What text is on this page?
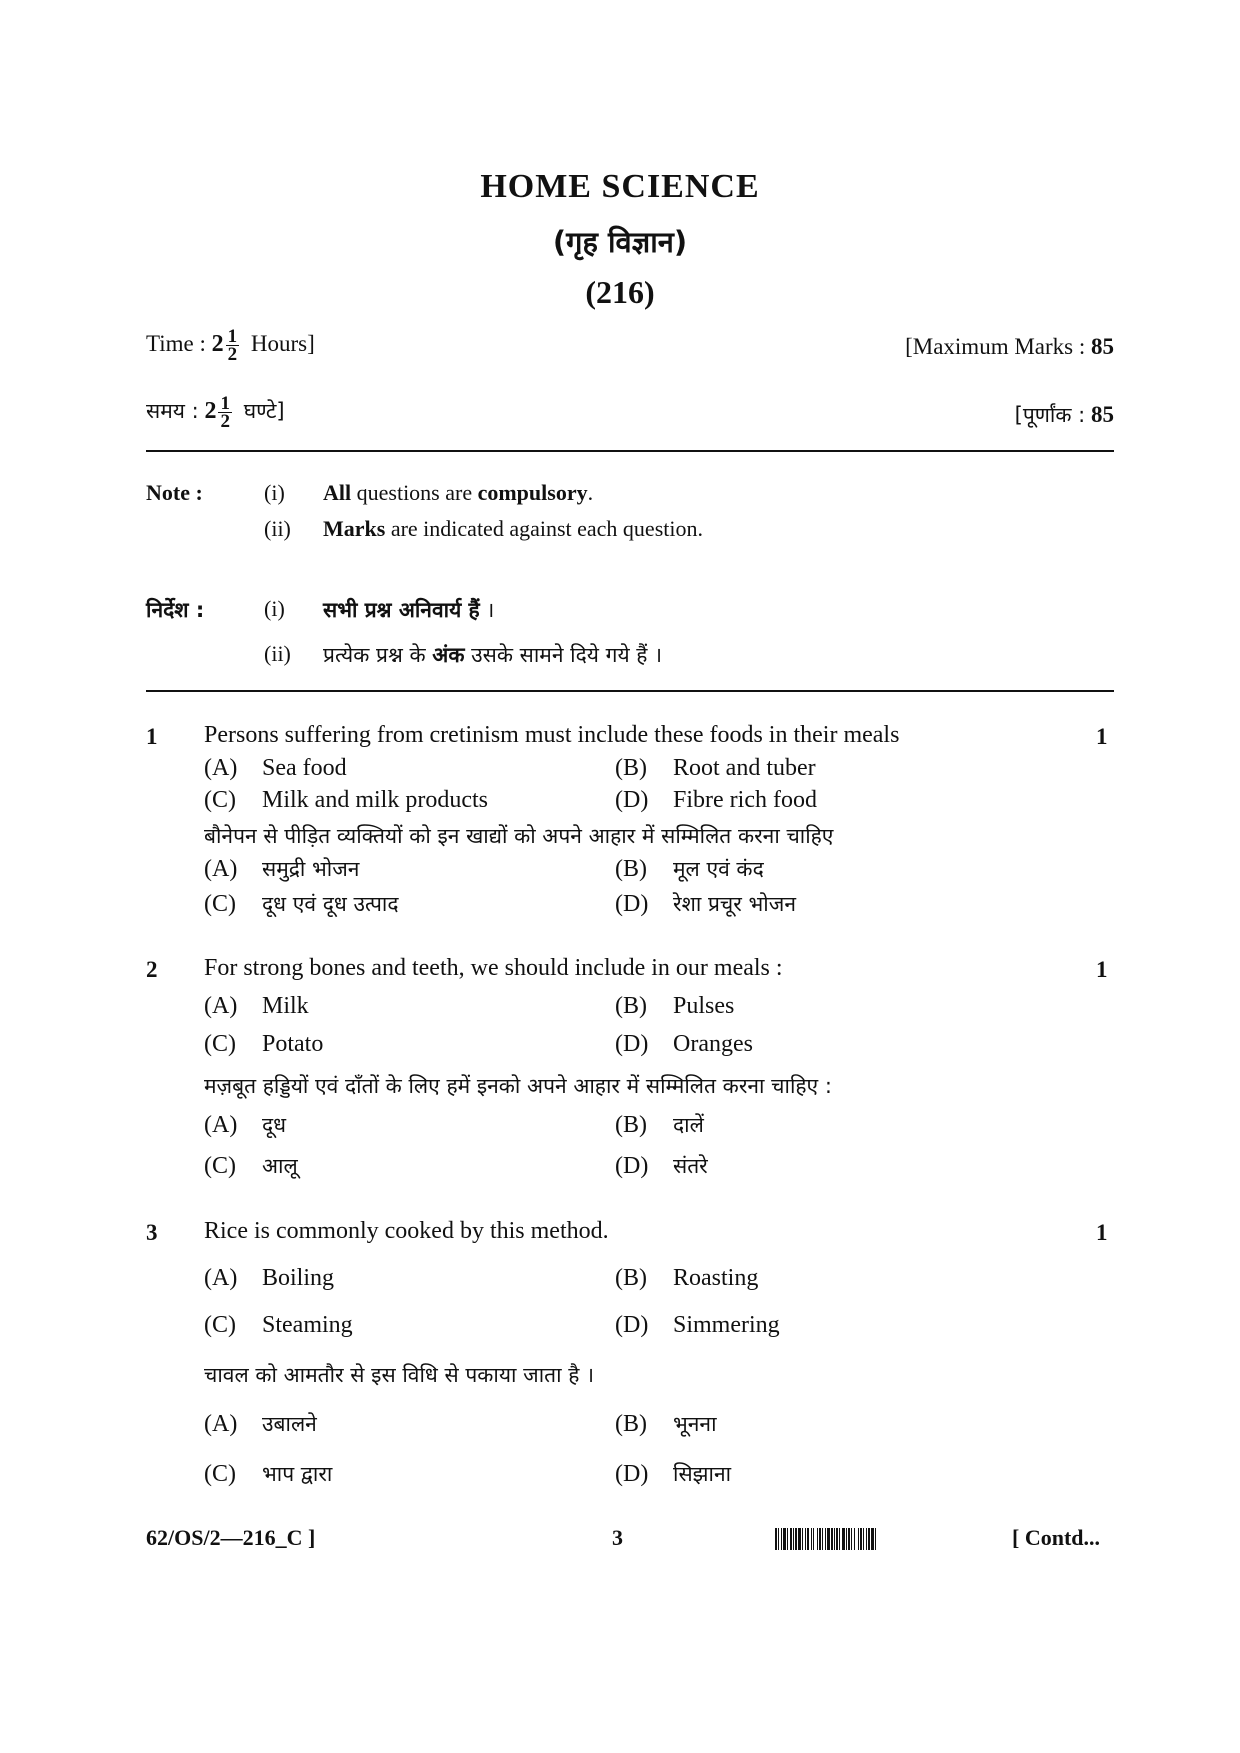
HOME SCIENCE
(गृह विज्ञान)
(216)
Time : $2 \frac{1}{2}$ Hours]	[Maximum Marks : 85
समय : $2 \frac{1}{2}$ घण्टे]	[पूर्णांक : 85
Note :	(i) All questions are compulsory.
(ii) Marks are indicated against each question.
निर्देश :	(i) सभी प्रश्न अनिवार्य हैं ।
(ii) प्रत्येक प्रश्न के अंक उसके सामने दिये गये हैं ।
1	1
Persons suffering from cretinism must include these foods in their meals
(A) Sea food	(B) Root and tuber
(C) Milk and milk products	(D) Fibre rich food
बौनेपन से पीड़ित व्यक्तियों को इन खाद्यों को अपने आहार में सम्मिलित करना चाहिए
(A) समुद्री भोजन	(B) मूल एवं कंद
(C) दूध एवं दूध उत्पाद	(D) रेशा प्रचूर भोजन
2	1
For strong bones and teeth, we should include in our meals :
(A) Milk	(B) Pulses
(C) Potato	(D) Oranges
मज़बूत हड्डियों एवं दाँतों के लिए हमें इनको अपने आहार में सम्मिलित करना चाहिए :
(A) दूध	(B) दालें
(C) आलू	(D) संतरे
3	1
Rice is commonly cooked by this method.
(A) Boiling	(B) Roasting
(C) Steaming	(D) Simmering
चावल को आमतौर से इस विधि से पकाया जाता है ।
(A) उबालने	(B) भूनना
(C) भाप द्वारा	(D) सिझाना
62/OS/2—216_C ]	3	[ Contd...
